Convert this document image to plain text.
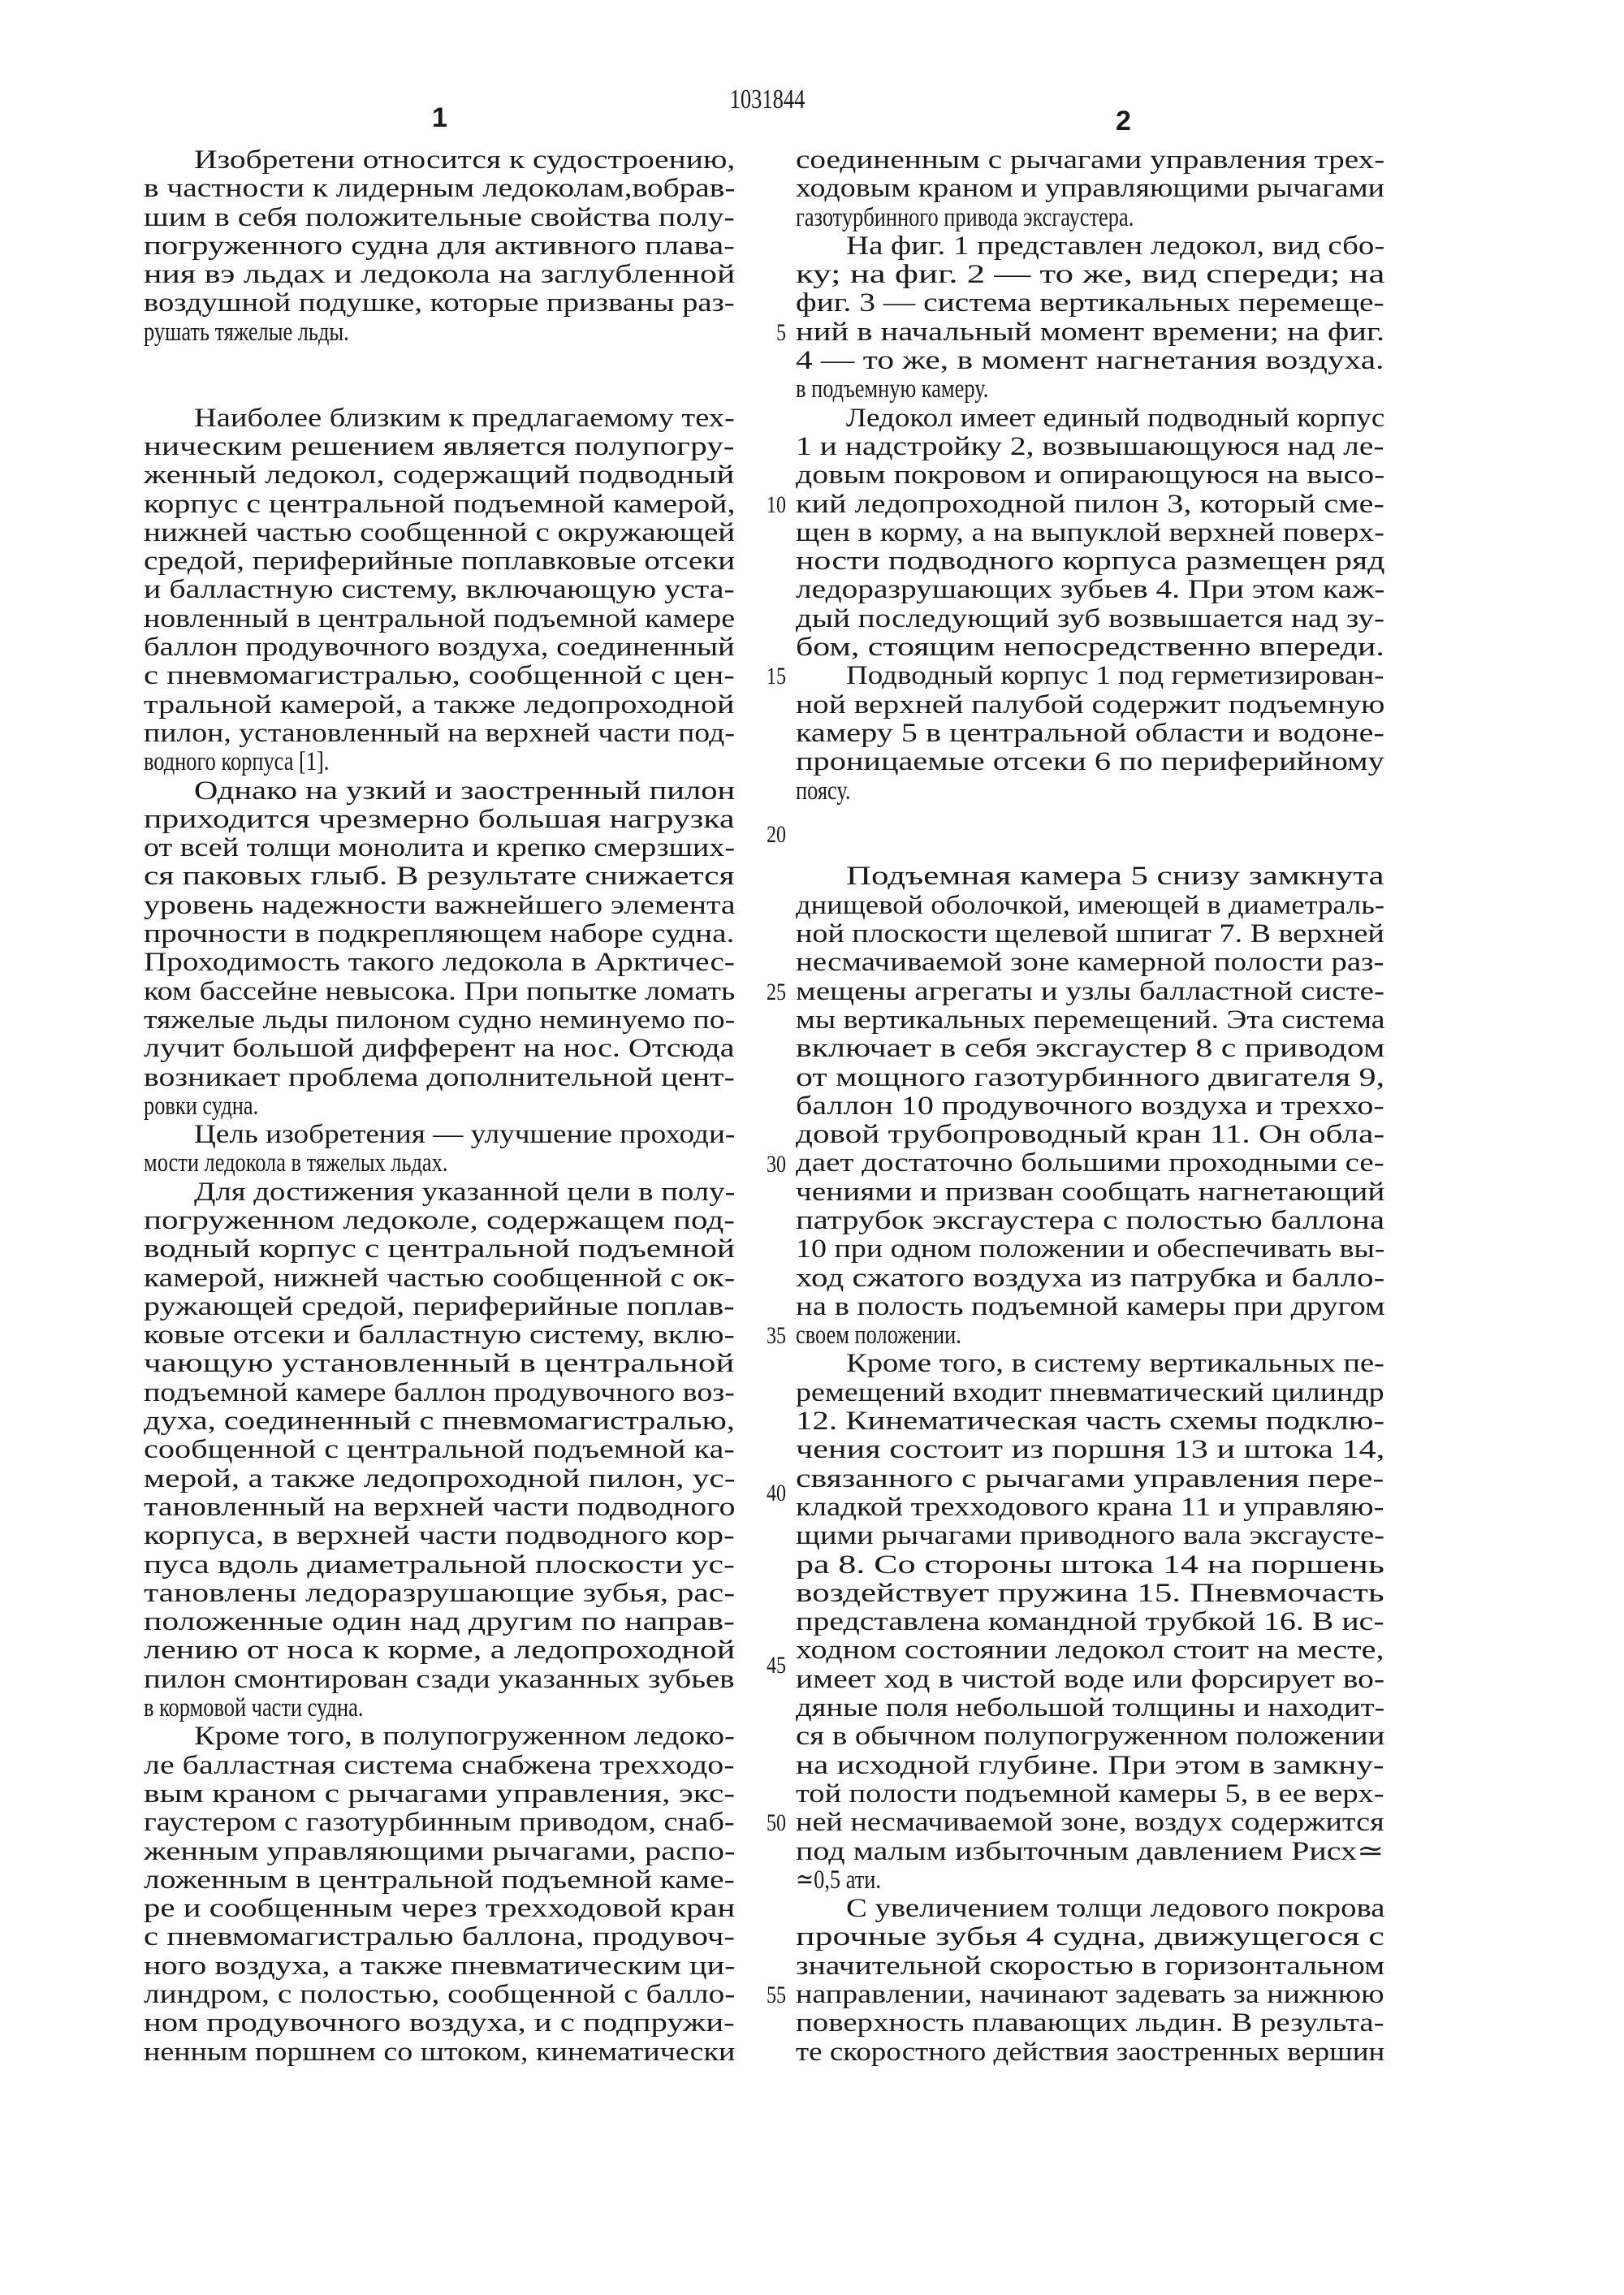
1031844
1	2
Изобретени относится к судостроению,
в частности к лидерным ледоколам,вобрав-
шим в себя положительные свойства полу-
погруженного судна для активного плава-
ния вэ льдах и ледокола на заглубленной
воздушной подушке, которые призваны раз-
рушать тяжелые льды.
Наиболее близким к предлагаемому тех-
ническим решением является полупогру-
женный ледокол, содержащий подводный
корпус с центральной подъемной камерой,
нижней частью сообщенной с окружающей
средой, периферийные поплавковые отсеки
и балластную систему, включающую уста-
новленный в центральной подъемной камере
баллон продувочного воздуха, соединенный
с пневмомагистралью, сообщенной с цен-
тральной камерой, а также ледопроходной
пилон, установленный на верхней части под-
водного корпуса [1].
Однако на узкий и заостренный пилон
приходится чрезмерно большая нагрузка
от всей толщи монолита и крепко смерзших-
ся паковых глыб. В результате снижается
уровень надежности важнейшего элемента
прочности в подкрепляющем наборе судна.
Проходимость такого ледокола в Арктичес-
ком бассейне невысока. При попытке ломать
тяжелые льды пилоном судно неминуемо по-
лучит большой дифферент на нос. Отсюда
возникает проблема дополнительной цент-
ровки судна.
Цель изобретения — улучшение проходи-
мости ледокола в тяжелых льдах.
Для достижения указанной цели в полу-
погруженном ледоколе, содержащем под-
водный корпус с центральной подъемной
камерой, нижней частью сообщенной с ок-
ружающей средой, периферийные поплав-
ковые отсеки и балластную систему, вклю-
чающую установленный в центральной
подъемной камере баллон продувочного воз-
духа, соединенный с пневмомагистралью,
сообщенной с центральной подъемной ка-
мерой, а также ледопроходной пилон, ус-
тановленный на верхней части подводного
корпуса, в верхней части подводного кор-
пуса вдоль диаметральной плоскости ус-
тановлены ледоразрушающие зубья, рас-
положенные один над другим по направ-
лению от носа к корме, а ледопроходной
пилон смонтирован сзади указанных зубьев
в кормовой части судна.
Кроме того, в полупогруженном ледоко-
ле балластная система снабжена трехходо-
вым краном с рычагами управления, экс-
гаустером с газотурбинным приводом, снаб-
женным управляющими рычагами, распо-
ложенным в центральной подъемной каме-
ре и сообщенным через трехходовой кран
с пневмомагистралью баллона, продувоч-
ного воздуха, а также пневматическим ци-
линдром, с полостью, сообщенной с балло-
ном продувочного воздуха, и с подпружи-
ненным поршнем со штоком, кинематически
5
10
15
20
25
30
35
40
45
50
55
соединенным с рычагами управления трех-
ходовым краном и управляющими рычагами
газотурбинного привода эксгаустера.
На фиг. 1 представлен ледокол, вид сбо-
ку; на фиг. 2 — то же, вид спереди; на
фиг. 3 — система вертикальных перемеще-
ний в начальный момент времени; на фиг.
4 — то же, в момент нагнетания воздуха.
в подъемную камеру.
Ледокол имеет единый подводный корпус
1 и надстройку 2, возвышающуюся над ле-
довым покровом и опирающуюся на высо-
кий ледопроходной пилон 3, который сме-
щен в корму, а на выпуклой верхней поверх-
ности подводного корпуса размещен ряд
ледоразрушающих зубьев 4. При этом каж-
дый последующий зуб возвышается над зу-
бом, стоящим непосредственно впереди.
Подводный корпус 1 под герметизирован-
ной верхней палубой содержит подъемную
камеру 5 в центральной области и водоне-
проницаемые отсеки 6 по периферийному
поясу.
Подъемная камера 5 снизу замкнута
днищевой оболочкой, имеющей в диаметраль-
ной плоскости щелевой шпигат 7. В верхней
несмачиваемой зоне камерной полости раз-
мещены агрегаты и узлы балластной систе-
мы вертикальных перемещений. Эта система
включает в себя эксгаустер 8 с приводом
от мощного газотурбинного двигателя 9,
баллон 10 продувочного воздуха и треххо-
довой трубопроводный кран 11. Он обла-
дает достаточно большими проходными се-
чениями и призван сообщать нагнетающий
патрубок эксгаустера с полостью баллона
10 при одном положении и обеспечивать вы-
ход сжатого воздуха из патрубка и балло-
на в полость подъемной камеры при другом
своем положении.
Кроме того, в систему вертикальных пе-
ремещений входит пневматический цилиндр
12. Кинематическая часть схемы подклю-
чения состоит из поршня 13 и штока 14,
связанного с рычагами управления пере-
кладкой трехходового крана 11 и управляю-
щими рычагами приводного вала эксгаусте-
ра 8. Со стороны штока 14 на поршень
воздействует пружина 15. Пневмочасть
представлена командной трубкой 16. В ис-
ходном состоянии ледокол стоит на месте,
имеет ход в чистой воде или форсирует во-
дяные поля небольшой толщины и находит-
ся в обычном полупогруженном положении
на исходной глубине. При этом в замкну-
той полости подъемной камеры 5, в ее верх-
ней несмачиваемой зоне, воздух содержится
под малым избыточным давлением Pисх≃
≃0,5 ати.
С увеличением толщи ледового покрова
прочные зубья 4 судна, движущегося с
значительной скоростью в горизонтальном
направлении, начинают задевать за нижнюю
поверхность плавающих льдин. В результа-
те скоростного действия заостренных вершин
